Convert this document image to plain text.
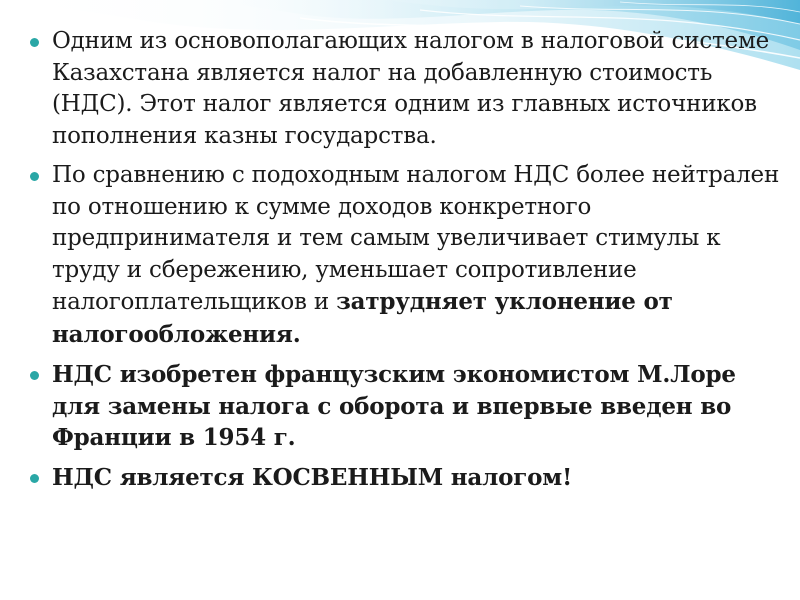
Одним из основополагающих налогом в налоговой системе Казахстана является налог на добавленную стоимость (НДС). Этот налог является одним из главных источников пополнения казны государства.
По сравнению с подоходным налогом НДС более нейтрален по отношению к сумме доходов конкретного предпринимателя и тем самым увеличивает стимулы к труду и сбережению, уменьшает сопротивление налогоплательщиков и затрудняет уклонение от налогообложения.
НДС изобретен французским экономистом М.Лоре для замены налога с оборота и впервые введен во Франции в 1954 г.
НДС является КОСВЕННЫМ налогом!
